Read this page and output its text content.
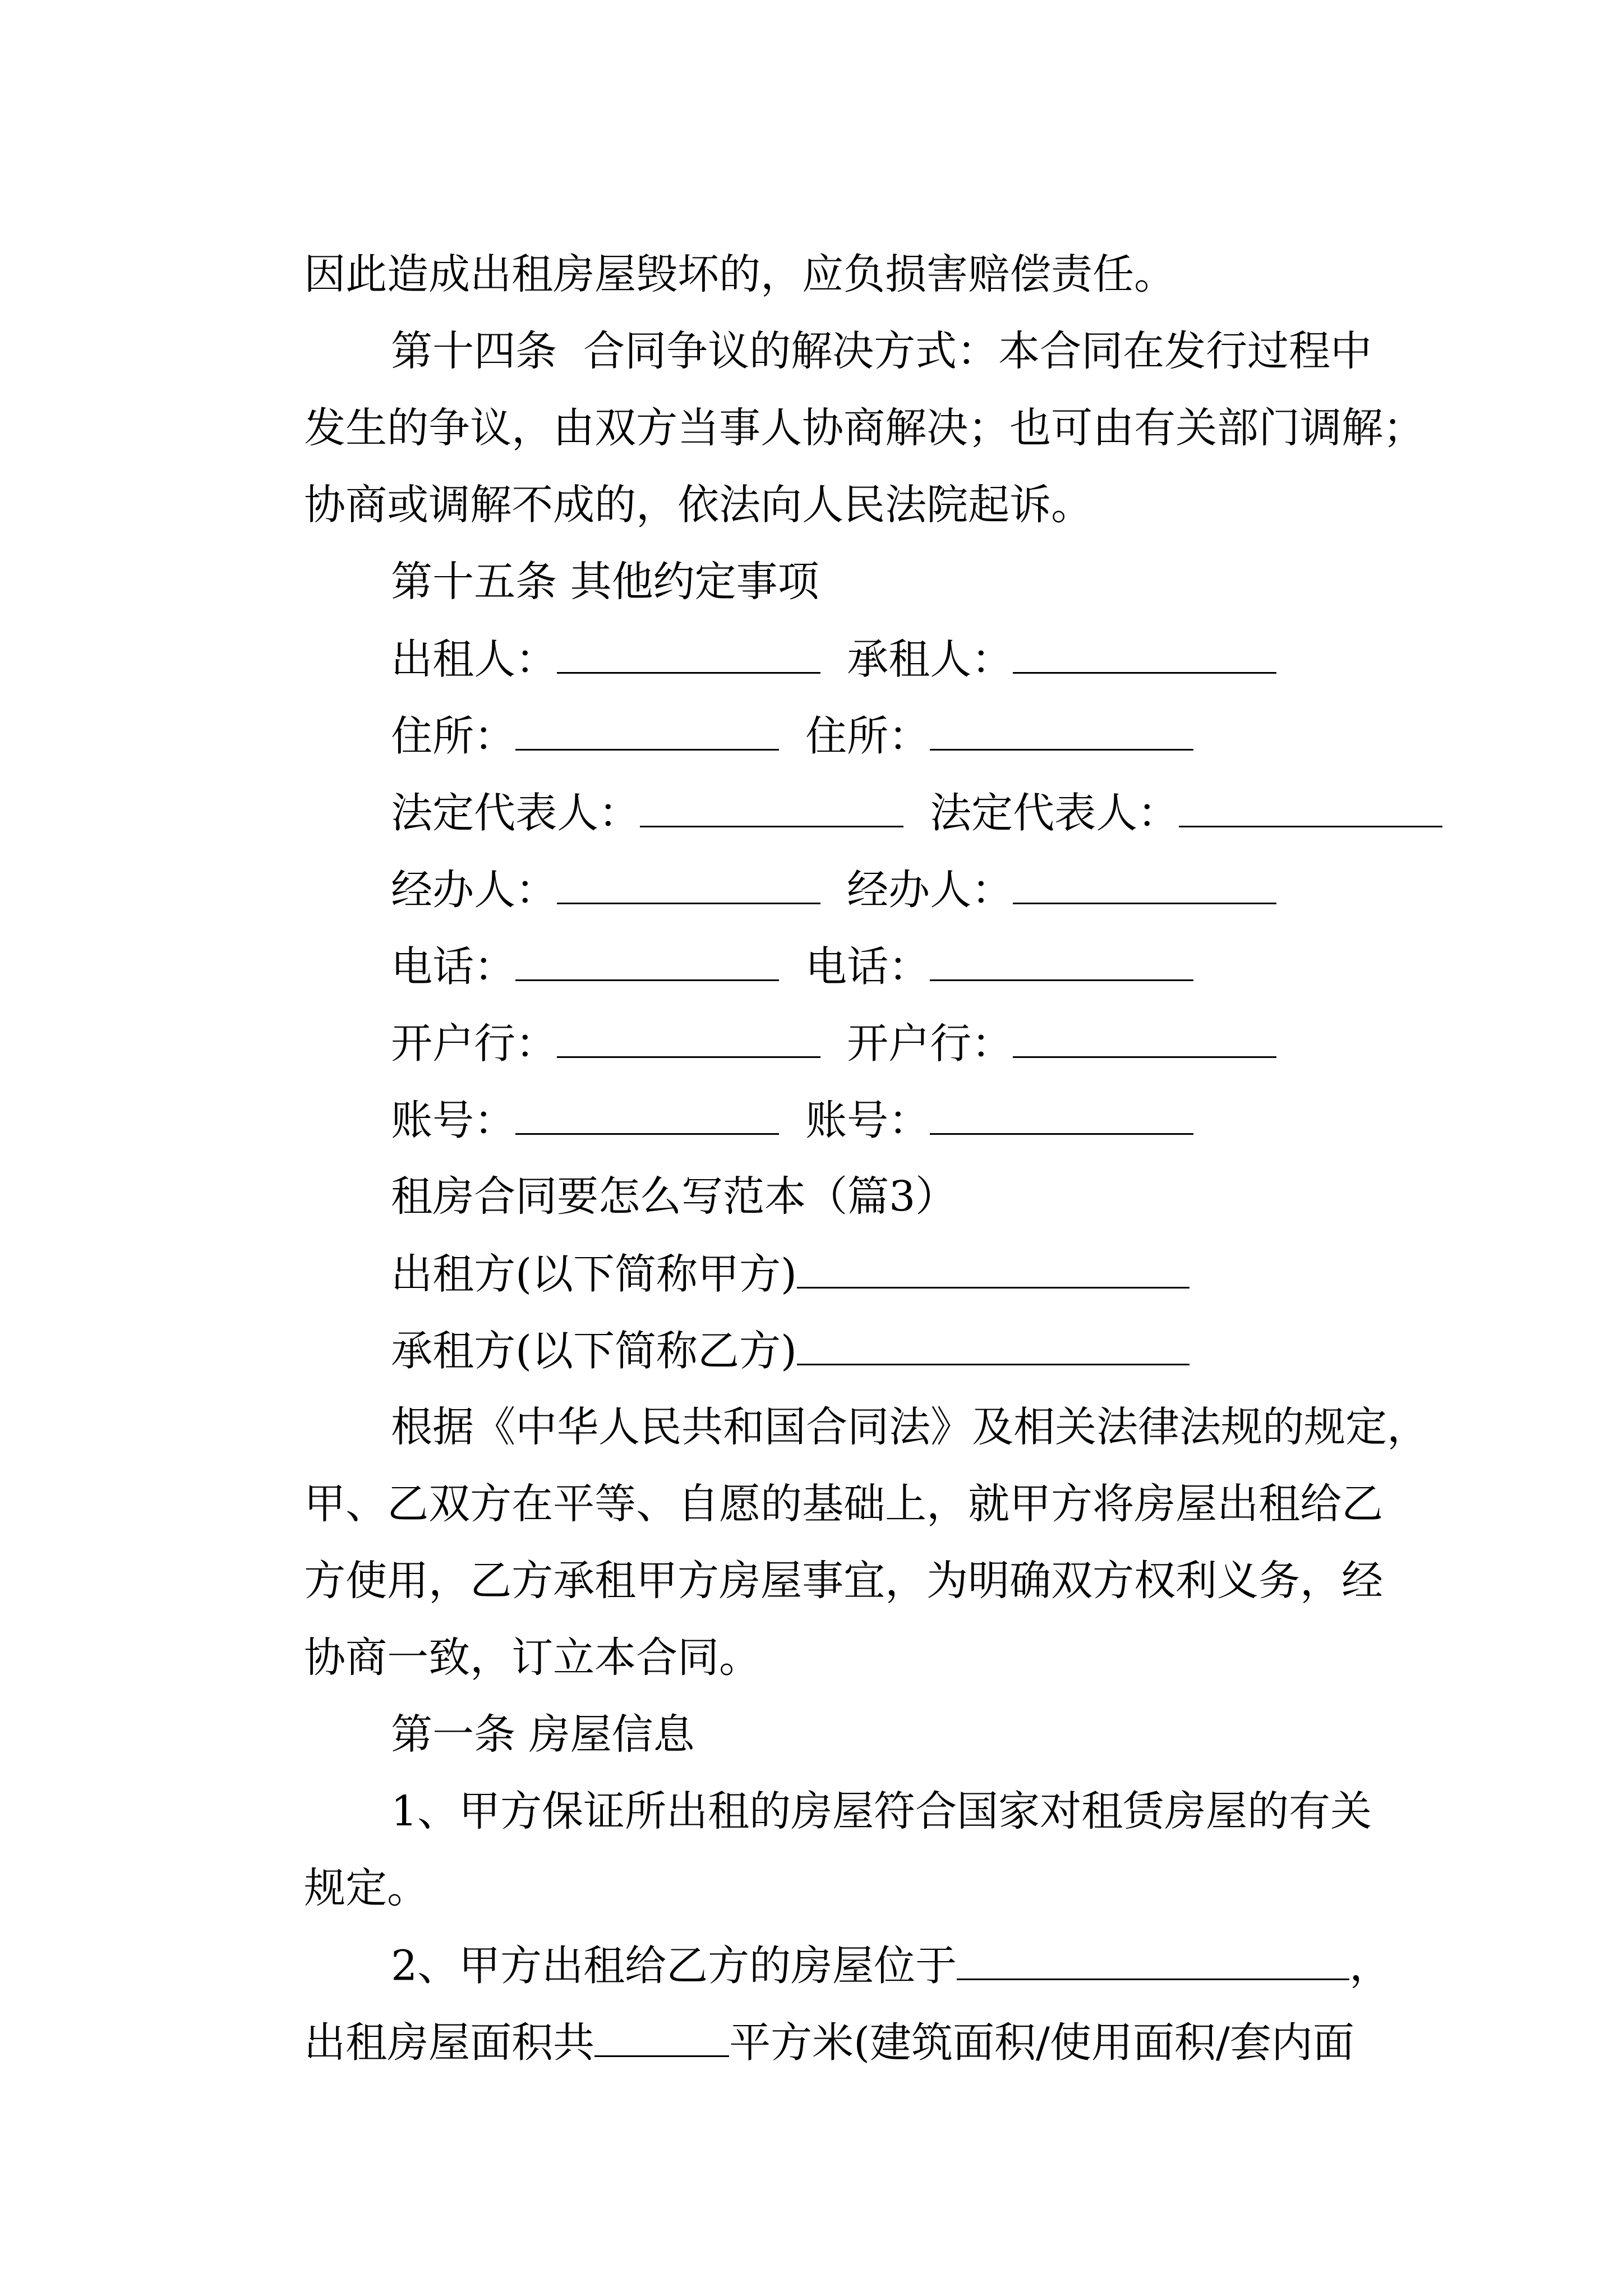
因此造成出租房屋毁坏的，应负损害赔偿责任。

第十四条  合同争议的解决方式：本合同在发行过程中

发生的争议，由双方当事人协商解决；也可由有关部门调解；

协商或调解不成的，依法向人民法院起诉。

第十五条 其他约定事项

出租人：	承租人：

住所：	住所：

法定代表人：	法定代表人：

经办人：	经办人：

电话：	电话：

开户行：	开户行：

账号：	账号：

租房合同要怎么写范本（篇3）

出租方(以下简称甲方)

承租方(以下简称乙方)

根据《中华人民共和国合同法》及相关法律法规的规定，

甲、乙双方在平等、自愿的基础上，就甲方将房屋出租给乙

方使用，乙方承租甲方房屋事宜，为明确双方权利义务，经

协商一致，订立本合同。

第一条 房屋信息

1、甲方保证所出租的房屋符合国家对租赁房屋的有关

规定。

2、甲方出租给乙方的房屋位于	，

出租房屋面积共	平方米(建筑面积/使用面积/套内面
